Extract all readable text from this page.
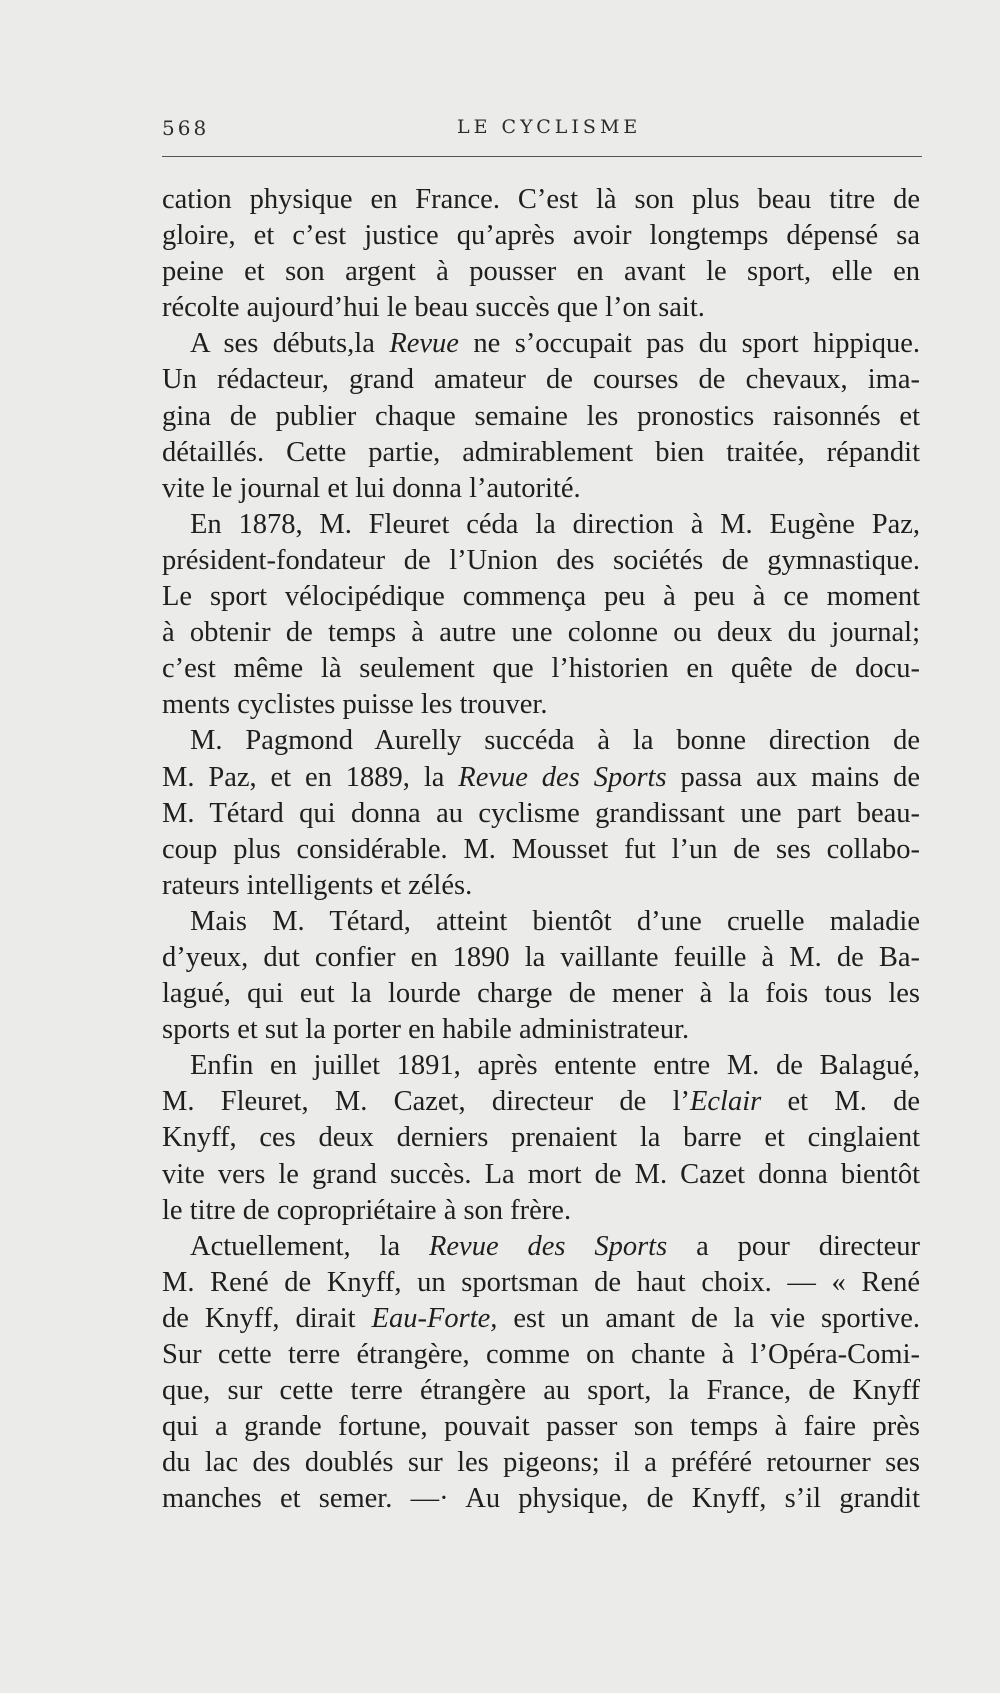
568	LE CYCLISME
cation physique en France. C’est là son plus beau titre de
gloire, et c’est justice qu’après avoir longtemps dépensé sa
peine et son argent à pousser en avant le sport, elle en
récolte aujourd’hui le beau succès que l’on sait.
A ses débuts,la Revue ne s’occupait pas du sport hippique.
Un rédacteur, grand amateur de courses de chevaux, ima-
gina de publier chaque semaine les pronostics raisonnés et
détaillés. Cette partie, admirablement bien traitée, répandit
vite le journal et lui donna l’autorité.
En 1878, M. Fleuret céda la direction à M. Eugène Paz,
président-fondateur de l’Union des sociétés de gymnastique.
Le sport vélocipédique commença peu à peu à ce moment
à obtenir de temps à autre une colonne ou deux du journal;
c’est même là seulement que l’historien en quête de docu-
ments cyclistes puisse les trouver.
M. Pagmond Aurelly succéda à la bonne direction de
M. Paz, et en 1889, la Revue des Sports passa aux mains de
M. Tétard qui donna au cyclisme grandissant une part beau-
coup plus considérable. M. Mousset fut l’un de ses collabo-
rateurs intelligents et zélés.
Mais M. Tétard, atteint bientôt d’une cruelle maladie
d’yeux, dut confier en 1890 la vaillante feuille à M. de Ba-
lagué, qui eut la lourde charge de mener à la fois tous les
sports et sut la porter en habile administrateur.
Enfin en juillet 1891, après entente entre M. de Balagué,
M. Fleuret, M. Cazet, directeur de l’Eclair et M. de
Knyff, ces deux derniers prenaient la barre et cinglaient
vite vers le grand succès. La mort de M. Cazet donna bientôt
le titre de copropriétaire à son frère.
Actuellement, la Revue des Sports a pour directeur
M. René de Knyff, un sportsman de haut choix. — « René
de Knyff, dirait Eau-Forte, est un amant de la vie sportive.
Sur cette terre étrangère, comme on chante à l’Opéra-Comi-
que, sur cette terre étrangère au sport, la France, de Knyff
qui a grande fortune, pouvait passer son temps à faire près
du lac des doublés sur les pigeons; il a préféré retourner ses
manches et semer. —· Au physique, de Knyff, s’il grandit
